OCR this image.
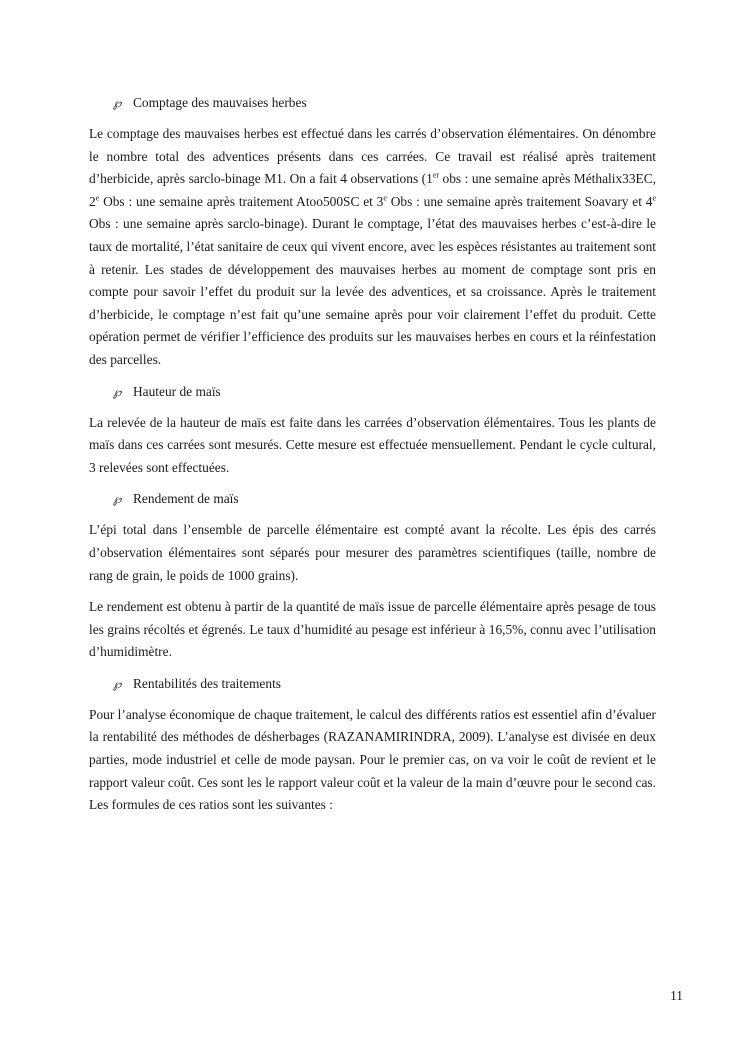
℘ Comptage des mauvaises herbes

Le comptage des mauvaises herbes est effectué dans les carrés d’observation élémentaires. On dénombre le nombre total des adventices présents dans ces carrées. Ce travail est réalisé après traitement d’herbicide, après sarclo-binage M1. On a fait 4 observations (1er obs : une semaine après Méthalix33EC, 2e Obs : une semaine après traitement Atoo500SC et 3e Obs : une semaine après traitement Soavary et 4e Obs : une semaine après sarclo-binage). Durant le comptage, l’état des mauvaises herbes c’est-à-dire le taux de mortalité, l’état sanitaire de ceux qui vivent encore, avec les espèces résistantes au traitement sont à retenir. Les stades de développement des mauvaises herbes au moment de comptage sont pris en compte pour savoir l’effet du produit sur la levée des adventices, et sa croissance. Après le traitement d’herbicide, le comptage n’est fait qu’une semaine après pour voir clairement l’effet du produit. Cette opération permet de vérifier l’efficience des produits sur les mauvaises herbes en cours et la réinfestation des parcelles.

℘ Hauteur de maïs

La relevée de la hauteur de maïs est faite dans les carrées d’observation élémentaires. Tous les plants de maïs dans ces carrées sont mesurés. Cette mesure est effectuée mensuellement. Pendant le cycle cultural, 3 relevées sont effectuées.

℘ Rendement de maïs

L’épi total dans l’ensemble de parcelle élémentaire est compté avant la récolte. Les épis des carrés d’observation élémentaires sont séparés pour mesurer des paramètres scientifiques (taille, nombre de rang de grain, le poids de 1000 grains).

Le rendement est obtenu à partir de la quantité de maïs issue de parcelle élémentaire après pesage de tous les grains récoltés et égrenés. Le taux d’humidité au pesage est inférieur à 16,5%, connu avec l’utilisation d’humidimètre.

℘ Rentabilités des traitements

Pour l’analyse économique de chaque traitement, le calcul des différents ratios est essentiel afin d’évaluer la rentabilité des méthodes de désherbages (RAZANAMIRINDRA, 2009). L’analyse est divisée en deux parties, mode industriel et celle de mode paysan. Pour le premier cas, on va voir le coût de revient et le rapport valeur coût. Ces sont les le rapport valeur coût et la valeur de la main d’œuvre pour le second cas. Les formules de ces ratios sont les suivantes :

11
